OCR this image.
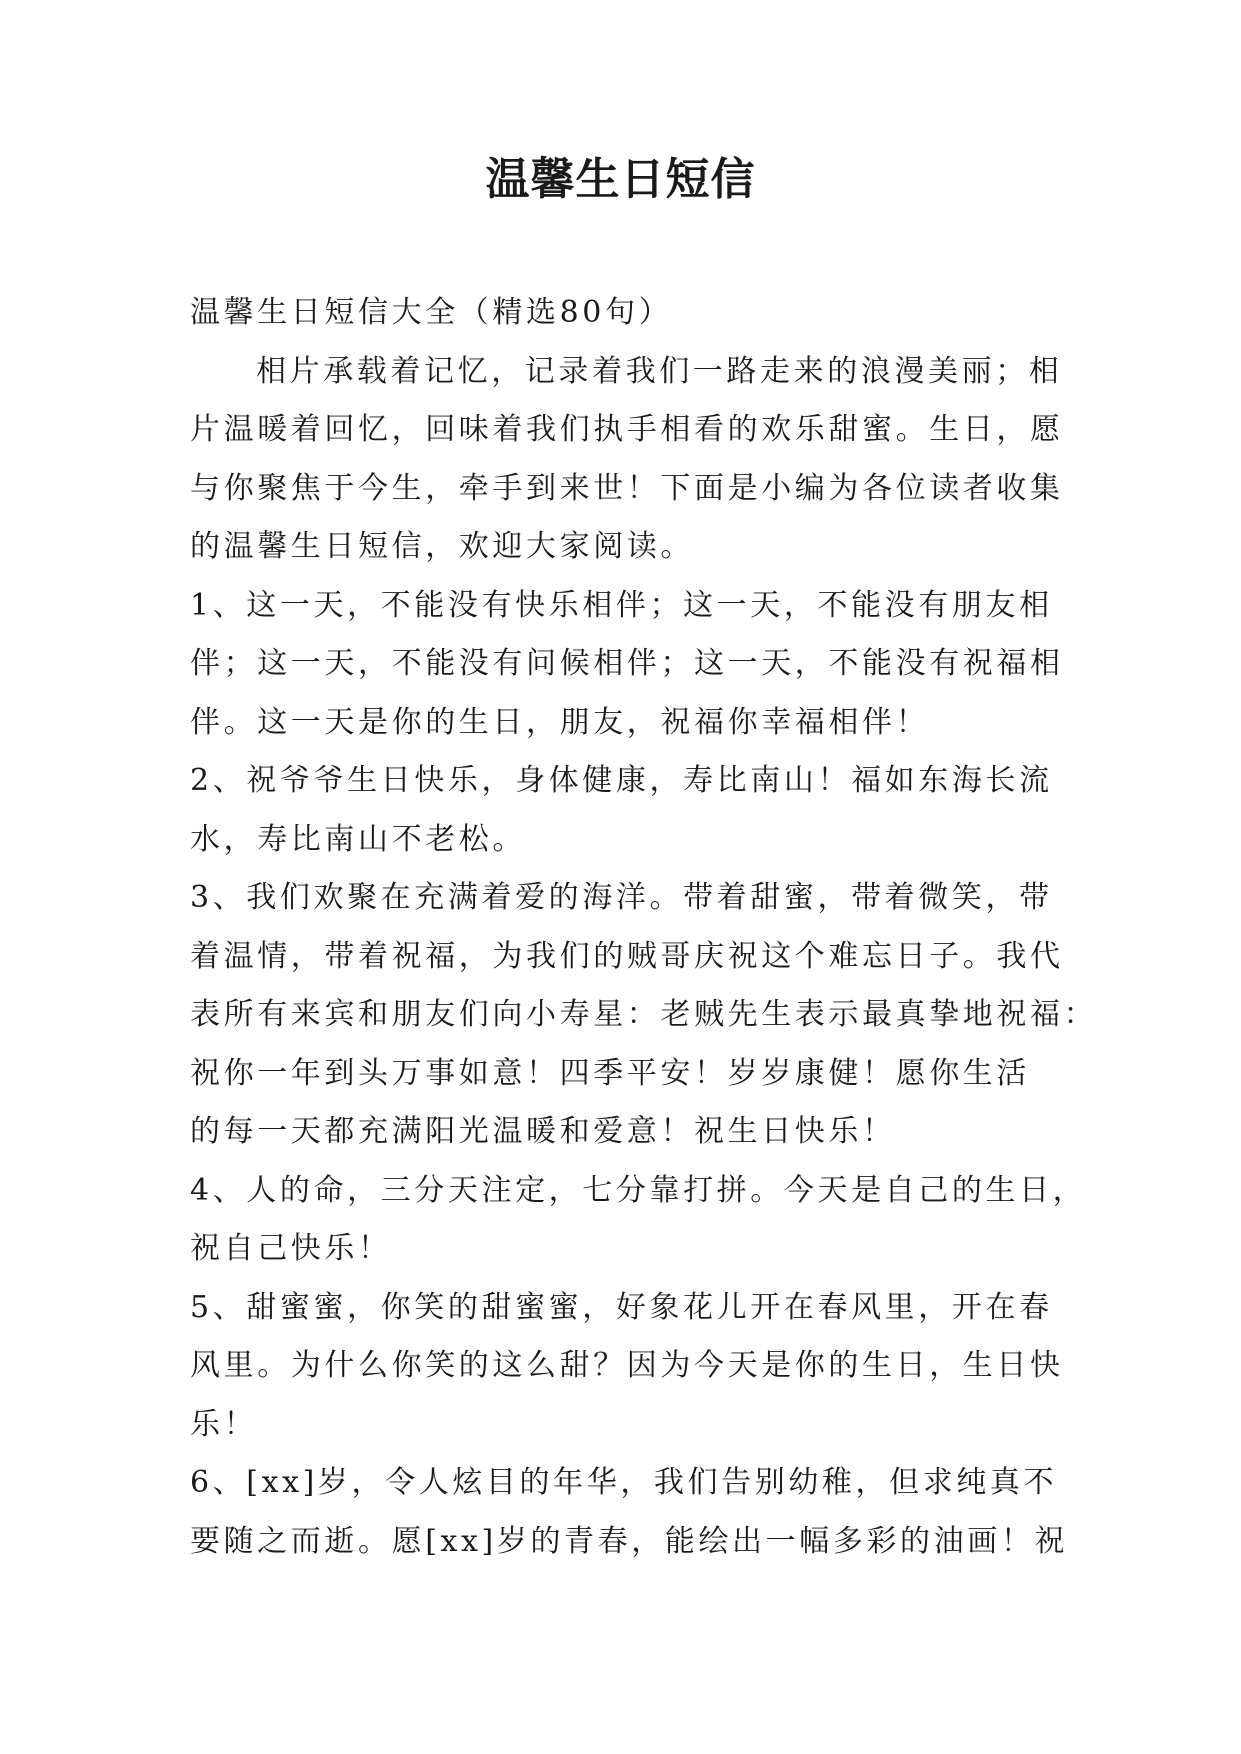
温馨生日短信
温馨生日短信大全（精选80句）
相片承载着记忆，记录着我们一路走来的浪漫美丽；相
片温暖着回忆，回味着我们执手相看的欢乐甜蜜。生日，愿
与你聚焦于今生，牵手到来世！下面是小编为各位读者收集
的温馨生日短信，欢迎大家阅读。
1、这一天，不能没有快乐相伴；这一天，不能没有朋友相
伴；这一天，不能没有问候相伴；这一天，不能没有祝福相
伴。这一天是你的生日，朋友，祝福你幸福相伴！
2、祝爷爷生日快乐，身体健康，寿比南山！福如东海长流
水，寿比南山不老松。
3、我们欢聚在充满着爱的海洋。带着甜蜜，带着微笑，带
着温情，带着祝福，为我们的贼哥庆祝这个难忘日子。我代
表所有来宾和朋友们向小寿星：老贼先生表示最真挚地祝福：
祝你一年到头万事如意！四季平安！岁岁康健！愿你生活
的每一天都充满阳光温暖和爱意！祝生日快乐！
4、人的命，三分天注定，七分靠打拼。今天是自己的生日，
祝自己快乐！
5、甜蜜蜜，你笑的甜蜜蜜，好象花儿开在春风里，开在春
风里。为什么你笑的这么甜？因为今天是你的生日，生日快
乐！
6、[xx]岁，令人炫目的年华，我们告别幼稚，但求纯真不
要随之而逝。愿[xx]岁的青春，能绘出一幅多彩的油画！祝
